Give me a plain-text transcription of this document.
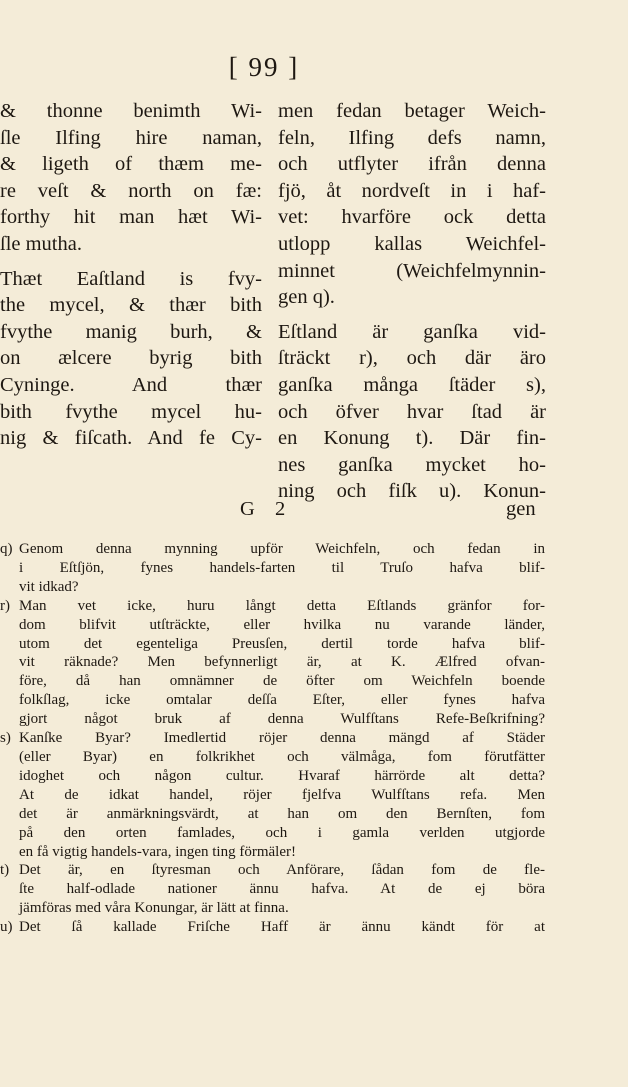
[ 99 ]
& thonne benimth Wi-
ſle Ilfing hire naman,
& ligeth of thæm me-
re veſt & north on fæ:
forthy hit man hæt Wi-
ſle mutha.
Thæt Eaſtland is fvy-
the mycel, & thær bith
fvythe manig burh, &
on ælcere byrig bith
Cyninge. And thær
bith fvythe mycel hu-
nig & fiſcath. And fe Cy-
men fedan betager Weich-
feln, Ilfing defs namn,
och utflyter ifrån denna
fjö, åt nordveſt in i haf-
vet: hvarföre ock detta
utlopp kallas Weichfel-
minnet (Weichfelmynnin-
gen q).
Eſtland är ganſka vid-
ſträckt r), och där äro
ganſka många ſtäder s),
och öfver hvar ſtad är
en Konung t). Där fin-
nes ganſka mycket ho-
ning och fiſk u). Konun-
G 2	gen
q) Genom denna mynning upför Weichfeln, och fedan in
i Eſtſjön, fynes handels-farten til Truſo hafva blif-
vit idkad?
r) Man vet icke, huru långt detta Eſtlands gränfor for-
dom blifvit utſträckte, eller hvilka nu varande länder,
utom det egenteliga Preusſen, dertil torde hafva blif-
vit räknade? Men befynnerligt är, at K. Ælfred ofvan-
före, då han omnämner de öfter om Weichfeln boende
folkſlag, icke omtalar deſſa Eſter, eller fynes hafva
gjort något bruk af denna Wulfſtans Refe-Beſkrifning?
s) Kanſke Byar? Imedlertid röjer denna mängd af Städer
(eller Byar) en folkrikhet och välmåga, fom förutfätter
idoghet och någon cultur. Hvaraf härrörde alt detta?
At de idkat handel, röjer fjelfva Wulfſtans refa. Men
det är anmärkningsvärdt, at han om den Bernſten, fom
på den orten famlades, och i gamla verlden utgjorde
en få vigtig handels-vara, ingen ting förmäler!
t) Det är, en ſtyresman och Anförare, ſådan fom de fle-
ſte half-odlade nationer ännu hafva. At de ej böra
jämföras med våra Konungar, är lätt at finna.
u) Det ſå kallade Friſche Haff är ännu kändt för at
